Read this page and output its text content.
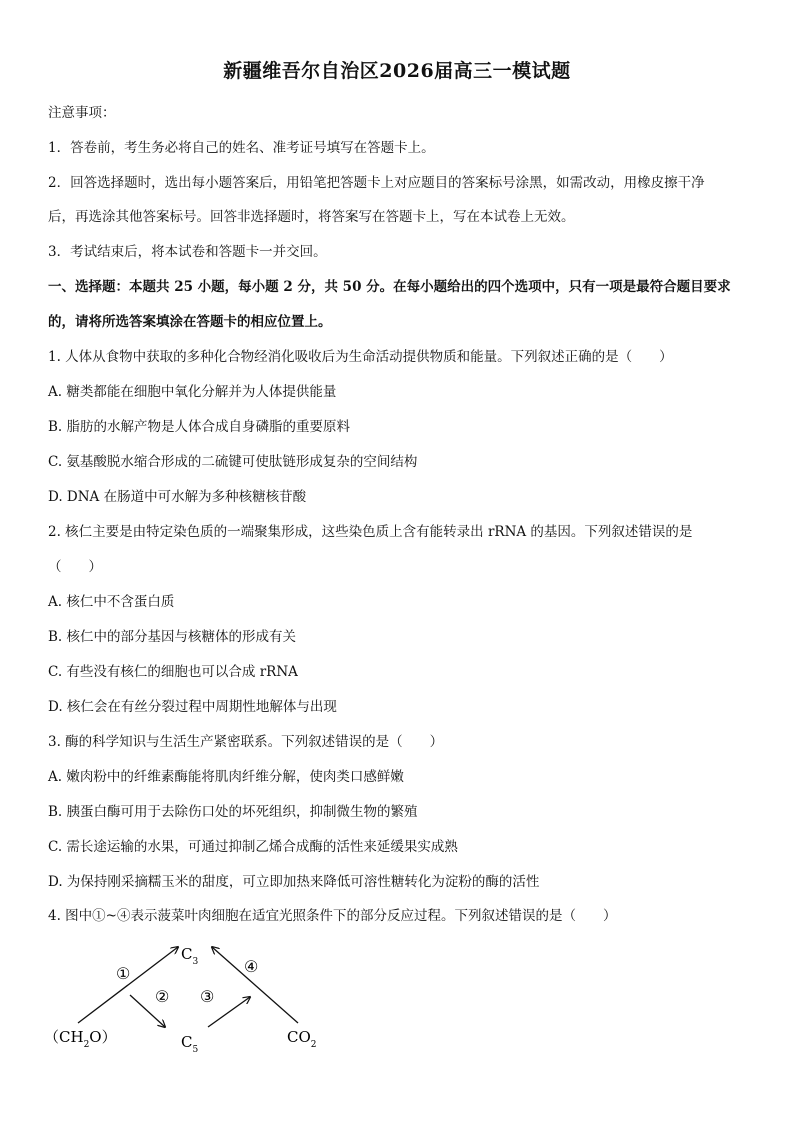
新疆维吾尔自治区2026届高三一模试题
注意事项：
1．答卷前，考生务必将自己的姓名、准考证号填写在答题卡上。
2．回答选择题时，选出每小题答案后，用铅笔把答题卡上对应题目的答案标号涂黑，如需改动，用橡皮擦干净
后，再选涂其他答案标号。回答非选择题时，将答案写在答题卡上，写在本试卷上无效。
3．考试结束后，将本试卷和答题卡一并交回。
一、选择题：本题共 25 小题，每小题 2 分，共 50 分。在每小题给出的四个选项中，只有一项是最符合题目要求
的，请将所选答案填涂在答题卡的相应位置上。
1. 人体从食物中获取的多种化合物经消化吸收后为生命活动提供物质和能量。下列叙述正确的是（　　）
A. 糖类都能在细胞中氧化分解并为人体提供能量
B. 脂肪的水解产物是人体合成自身磷脂的重要原料
C. 氨基酸脱水缩合形成的二硫键可使肽链形成复杂的空间结构
D. DNA 在肠道中可水解为多种核糖核苷酸
2. 核仁主要是由特定染色质的一端聚集形成，这些染色质上含有能转录出 rRNA 的基因。下列叙述错误的是
（　　）
A. 核仁中不含蛋白质
B. 核仁中的部分基因与核糖体的形成有关
C. 有些没有核仁的细胞也可以合成 rRNA
D. 核仁会在有丝分裂过程中周期性地解体与出现
3. 酶的科学知识与生活生产紧密联系。下列叙述错误的是（　　）
A. 嫩肉粉中的纤维素酶能将肌肉纤维分解，使肉类口感鲜嫩
B. 胰蛋白酶可用于去除伤口处的坏死组织，抑制微生物的繁殖
C. 需长途运输的水果，可通过抑制乙烯合成酶的活性来延缓果实成熟
D. 为保持刚采摘糯玉米的甜度，可立即加热来降低可溶性糖转化为淀粉的酶的活性
4. 图中①~④表示菠菜叶肉细胞在适宜光照条件下的部分反应过程。下列叙述错误的是（　　）
$C_3$
$C_5$
$CO_2$
$(CH_2O)$
①
② ③
④
